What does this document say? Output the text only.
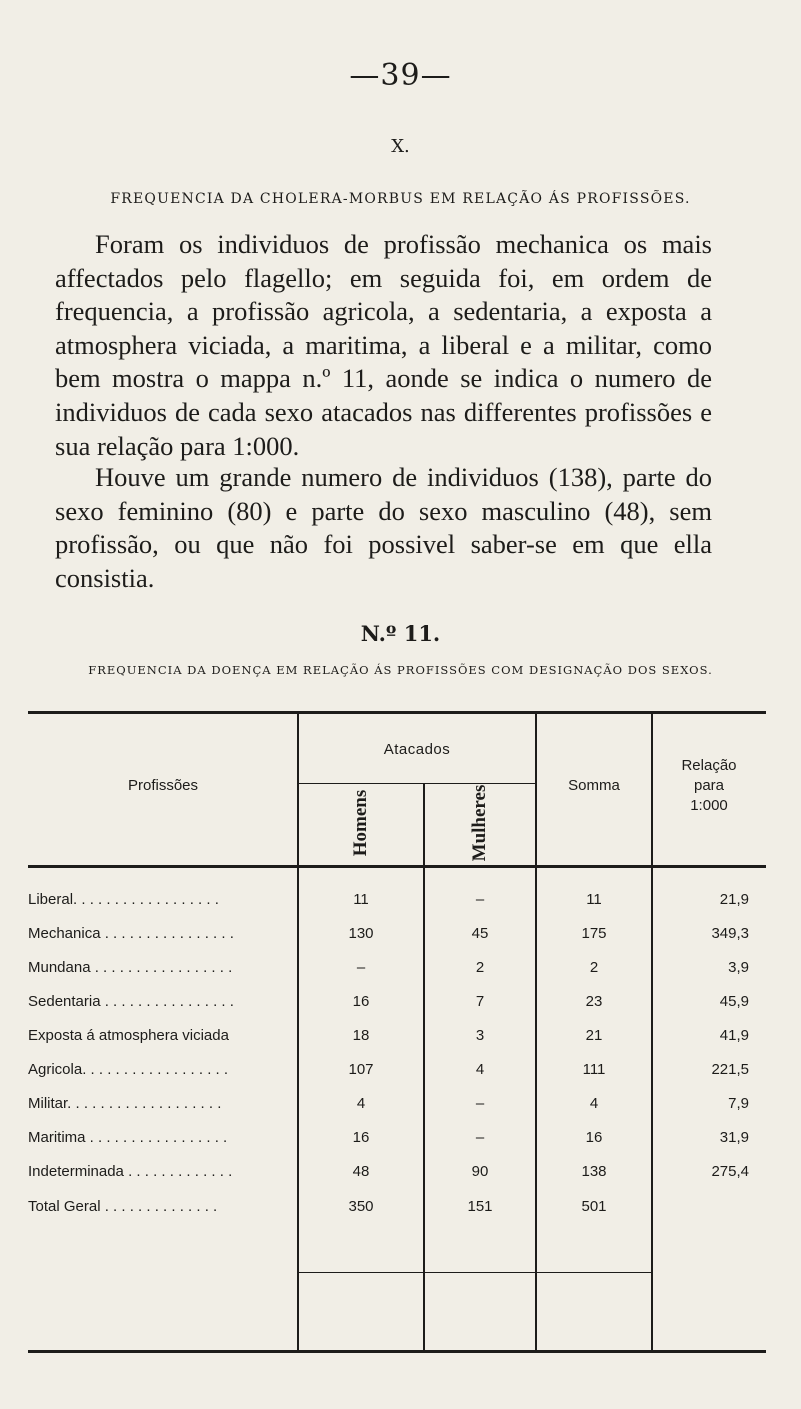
—39—
X.
FREQUENCIA DA CHOLERA-MORBUS EM RELAÇÃO ÁS PROFISSÕES.

Foram os individuos de profissão mechanica os mais affectados pelo flagello; em seguida foi, em ordem de frequencia, a profissão agricola, a sedentaria, a exposta a atmosphera viciada, a maritima, a liberal e a militar, como bem mostra o mappa n.º 11, aonde se indica o numero de individuos de cada sexo atacados nas differentes profissões e sua relação para 1:000.

Houve um grande numero de individuos (138), parte do sexo feminino (80) e parte do sexo masculino (48), sem profissão, ou que não foi possivel saber-se em que ella consistia.

N.º 11.
FREQUENCIA DA DOENÇA EM RELAÇÃO ÁS PROFISSÕES COM DESIGNAÇÃO DOS SEXOS.
Profissões
Atacados
Homens	Mulheres	Somma
Relação
para
1:000
Liberal. . . . . . . . . . . . . . . . . .	11	–	11	21,9
Mechanica . . . . . . . . . . . . . . . .	130	45	175	349,3
Mundana . . . . . . . . . . . . . . . . .	–	2	2	3,9
Sedentaria . . . . . . . . . . . . . . . .	16	7	23	45,9
Exposta á atmosphera viciada	18	3	21	41,9
Agricola. . . . . . . . . . . . . . . . . .	107	4	111	221,5
Militar. . . . . . . . . . . . . . . . . . .	4	–	4	7,9
Maritima . . . . . . . . . . . . . . . . .	16	–	16	31,9
Indeterminada . . . . . . . . . . . . .	48	90	138	275,4
Total Geral . . . . . . . . . . . . . .	350	151	501
